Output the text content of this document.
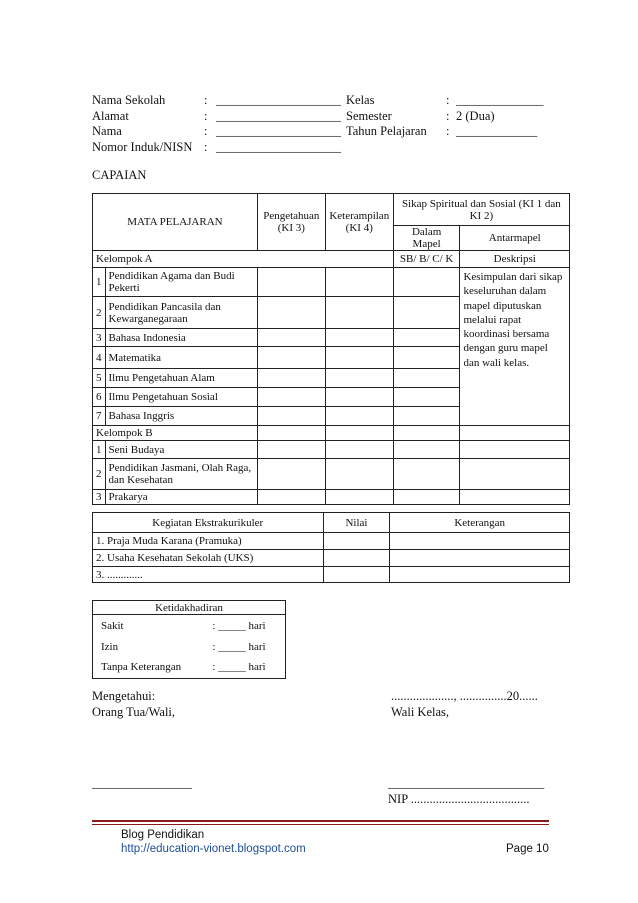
Nama Sekolah	: ____________________ Kelas	: ______________
Alamat	: ____________________ Semester	: 2 (Dua)
Nama	: ____________________ Tahun Pelajaran : _____________
Nomor Induk/NISN : ____________________
CAPAIAN
MATA PELAJARAN		Pengetahuan (KI 3)	Keterampilan (KI 4)	Sikap Spiritual dan Sosial (KI 1 dan KI 2)	
				Dalam Mapel	Antarmapel
Kelompok A				SB/ B/ C/ K	Deskripsi
1	Pendidikan Agama dan Budi Pekerti				Kesimpulan dari sikap keseluruhan dalam mapel diputuskan melalui rapat koordinasi bersama dengan guru mapel dan wali kelas.
2	Pendidikan Pancasila dan Kewarganegaraan				
3	Bahasa Indonesia				
4	Matematika				
5	Ilmu Pengetahuan Alam				
6	Ilmu Pengetahuan Sosial				
7	Bahasa Inggris				
Kelompok B					
1	Seni Budaya				
2	Pendidikan Jasmani, Olah Raga, dan Kesehatan				
3	Prakarya				
Kegiatan Ekstrakurikuler	Nilai	Keterangan
1. Praja Muda Karana (Pramuka)		
2. Usaha Kesehatan Sekolah (UKS)		
3. .............		
Ketidakhadiran	
Sakit	: _____ hari
Izin	: _____ hari
Tanpa Keterangan	: _____ hari
Mengetahui:
Orang Tua/Wali,
...................., ...............20......
Wali Kelas,
________________	_________________________
NIP ......................................
Blog Pendidikan
http://education-vionet.blogspot.com	Page 10
